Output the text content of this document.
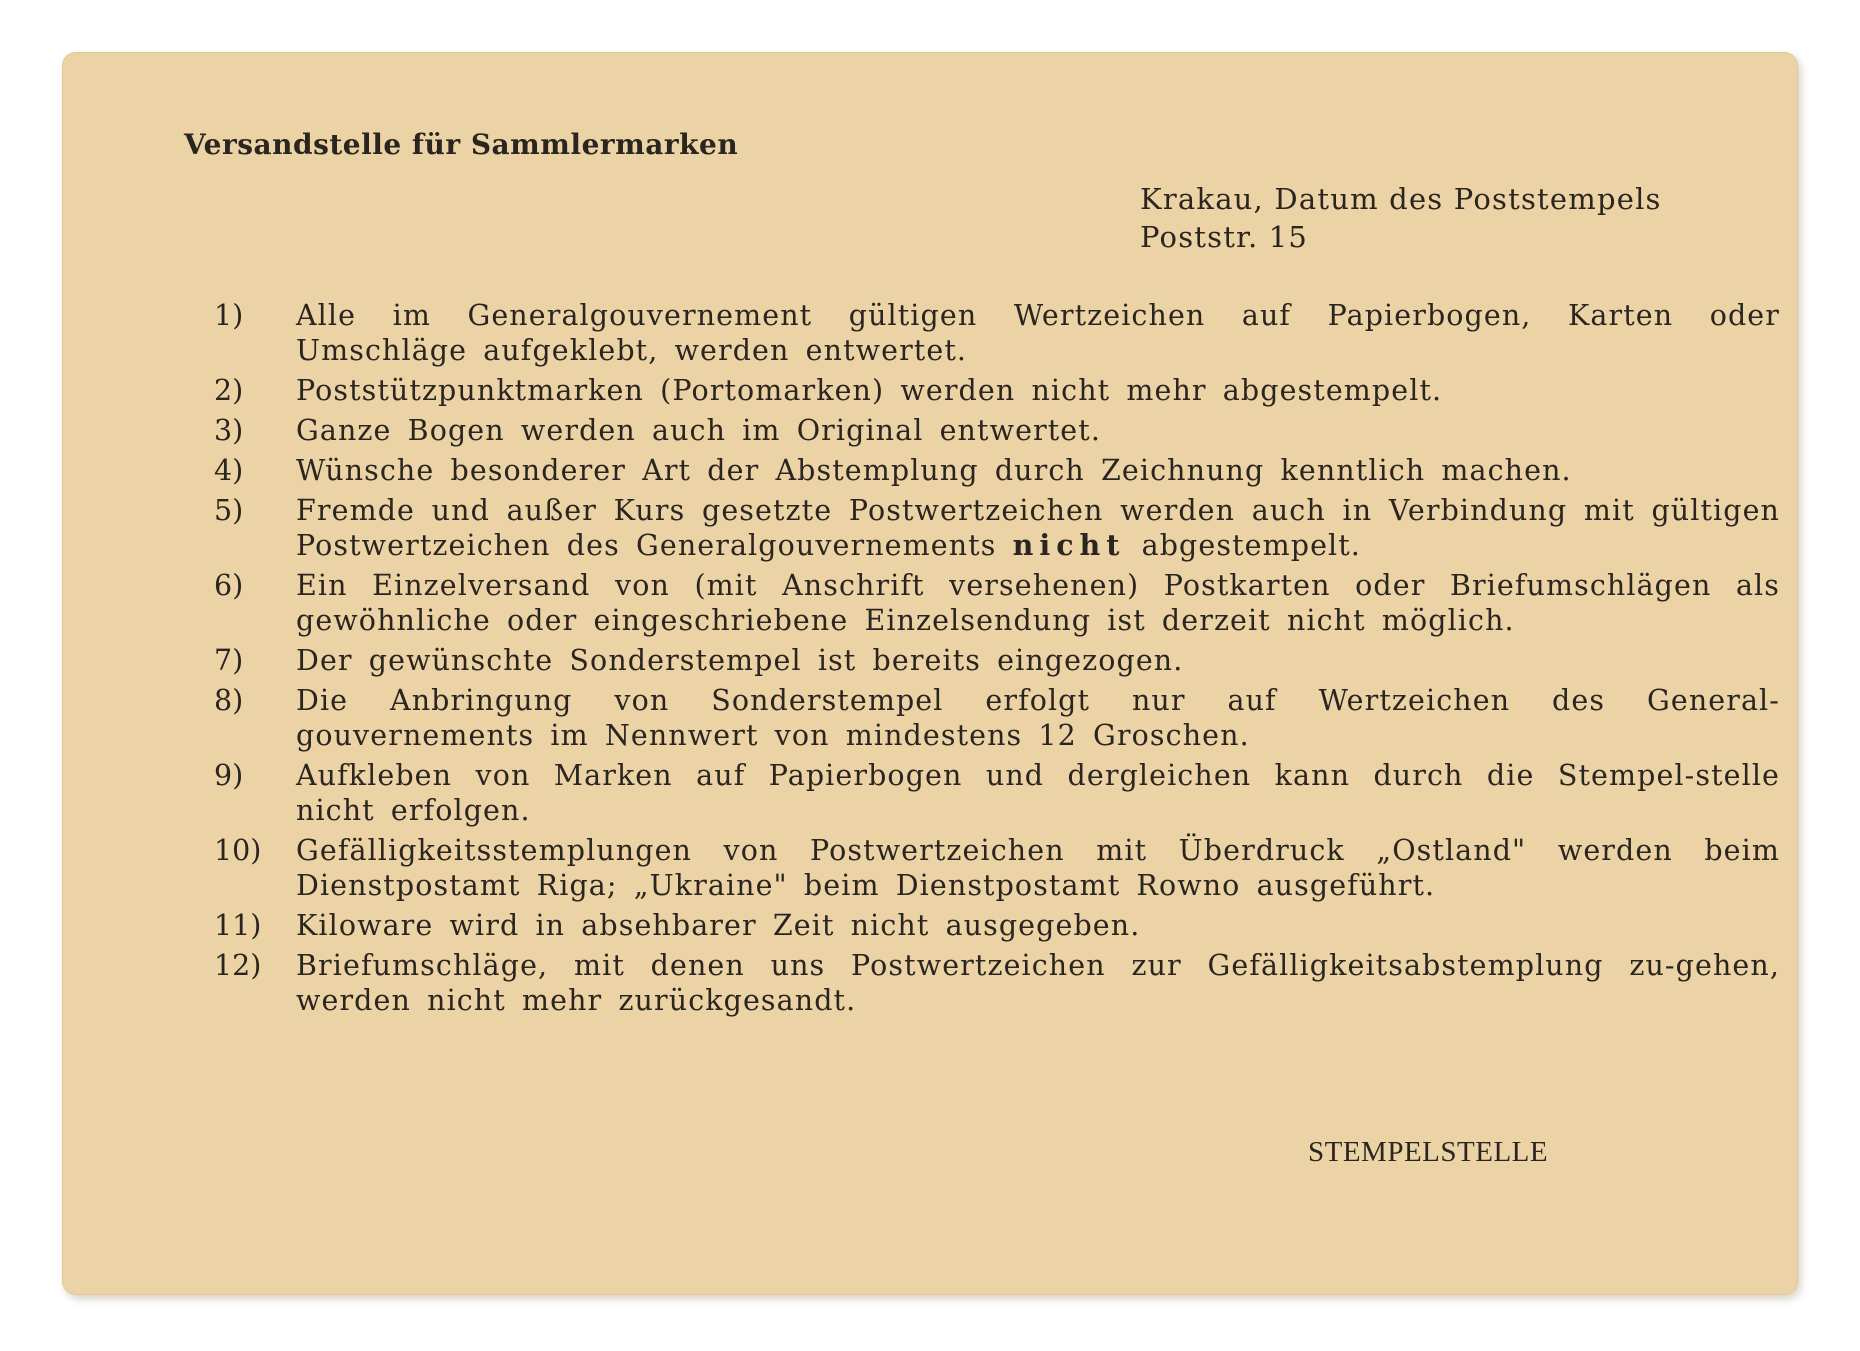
Versandstelle für Sammlermarken
Krakau, Datum des Poststempels
Poststr. 15
1)	Alle im Generalgouvernement gültigen Wertzeichen auf Papierbogen, Karten oder Umschläge aufgeklebt, werden entwertet.
2)	Poststützpunktmarken (Portomarken) werden nicht mehr abgestempelt.
3)	Ganze Bogen werden auch im Original entwertet.
4)	Wünsche besonderer Art der Abstemplung durch Zeichnung kenntlich machen.
5)	Fremde und außer Kurs gesetzte Postwertzeichen werden auch in Verbindung mit gültigen Postwertzeichen des Generalgouvernements nicht abgestempelt.
6)	Ein Einzelversand von (mit Anschrift versehenen) Postkarten oder Briefumschlägen als gewöhnliche oder eingeschriebene Einzelsendung ist derzeit nicht möglich.
7)	Der gewünschte Sonderstempel ist bereits eingezogen.
8)	Die Anbringung von Sonderstempel erfolgt nur auf Wertzeichen des General-gouvernements im Nennwert von mindestens 12 Groschen.
9)	Aufkleben von Marken auf Papierbogen und dergleichen kann durch die Stempel-stelle nicht erfolgen.
10)	Gefälligkeitsstemplungen von Postwertzeichen mit Überdruck „Ostland" werden beim Dienstpostamt Riga; „Ukraine" beim Dienstpostamt Rowno ausgeführt.
11)	Kiloware wird in absehbarer Zeit nicht ausgegeben.
12)	Briefumschläge, mit denen uns Postwertzeichen zur Gefälligkeitsabstemplung zu-gehen, werden nicht mehr zurückgesandt.
STEMPELSTELLE
